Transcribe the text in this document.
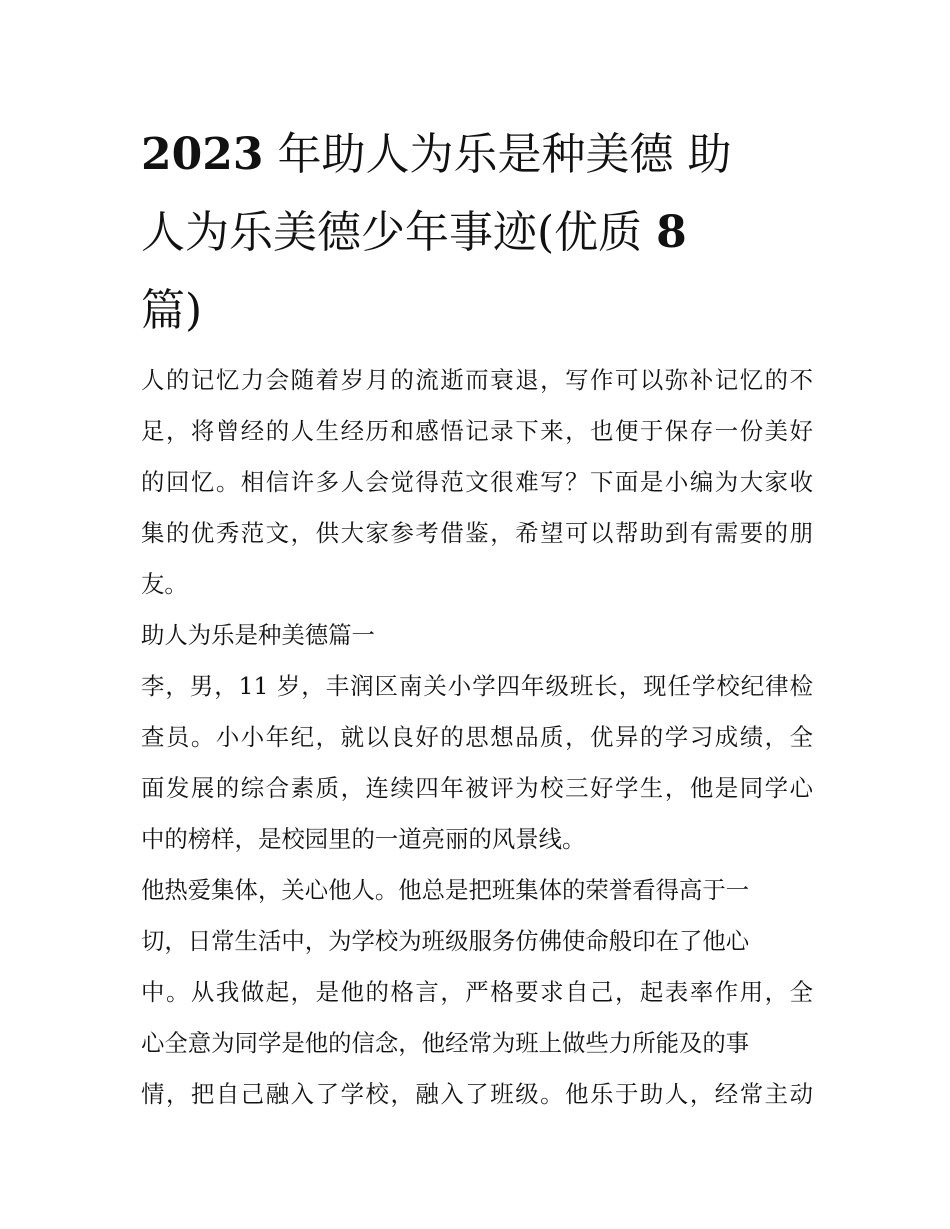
2023 年助人为乐是种美德 助
人为乐美德少年事迹(优质 8
篇)

人的记忆力会随着岁月的流逝而衰退，写作可以弥补记忆的不
足，将曾经的人生经历和感悟记录下来，也便于保存一份美好
的回忆。相信许多人会觉得范文很难写？下面是小编为大家收
集的优秀范文，供大家参考借鉴，希望可以帮助到有需要的朋
友。

助人为乐是种美德篇一

李，男，11 岁，丰润区南关小学四年级班长，现任学校纪律检
查员。小小年纪，就以良好的思想品质，优异的学习成绩，全
面发展的综合素质，连续四年被评为校三好学生，他是同学心
中的榜样，是校园里的一道亮丽的风景线。

他热爱集体，关心他人。他总是把班集体的荣誉看得高于一
切，日常生活中，为学校为班级服务仿佛使命般印在了他心
中。从我做起，是他的格言，严格要求自己，起表率作用，全
心全意为同学是他的信念，他经常为班上做些力所能及的事
情，把自己融入了学校，融入了班级。他乐于助人，经常主动
